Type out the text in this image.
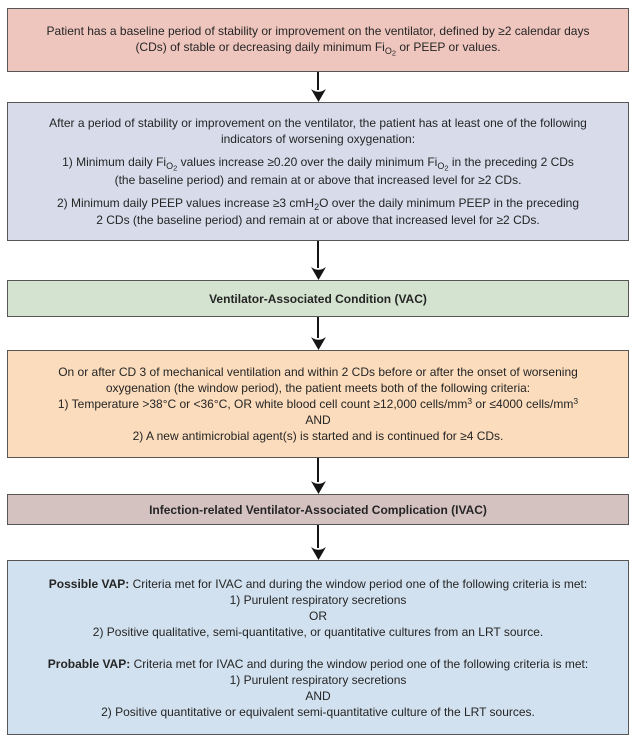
Patient has a baseline period of stability or improvement on the ventilator, defined by ≥2 calendar days
(CDs) of stable or decreasing daily minimum $Fi_{O2}$ or PEEP or values.
After a period of stability or improvement on the ventilator, the patient has at least one of the following
indicators of worsening oxygenation:
1) Minimum daily $Fi_{O2}$ values increase ≥0.20 over the daily minimum $Fi_{O2}$ in the preceding 2 CDs
(the baseline period) and remain at or above that increased level for ≥2 CDs.
2) Minimum daily PEEP values increase ≥3 cmH$_2$O over the daily minimum PEEP in the preceding
2 CDs (the baseline period) and remain at or above that increased level for ≥2 CDs.
Ventilator-Associated Condition (VAC)
On or after CD 3 of mechanical ventilation and within 2 CDs before or after the onset of worsening
oxygenation (the window period), the patient meets both of the following criteria:
1) Temperature >38°C or <36°C, OR white blood cell count ≥12,000 cells/$mm^3$ or ≤4000 cells/$mm^3$
AND
2) A new antimicrobial agent(s) is started and is continued for ≥4 CDs.
Infection-related Ventilator-Associated Complication (IVAC)
Possible VAP: Criteria met for IVAC and during the window period one of the following criteria is met:
1) Purulent respiratory secretions
OR
2) Positive qualitative, semi-quantitative, or quantitative cultures from an LRT source.
Probable VAP: Criteria met for IVAC and during the window period one of the following criteria is met:
1) Purulent respiratory secretions
AND
2) Positive quantitative or equivalent semi-quantitative culture of the LRT sources.
